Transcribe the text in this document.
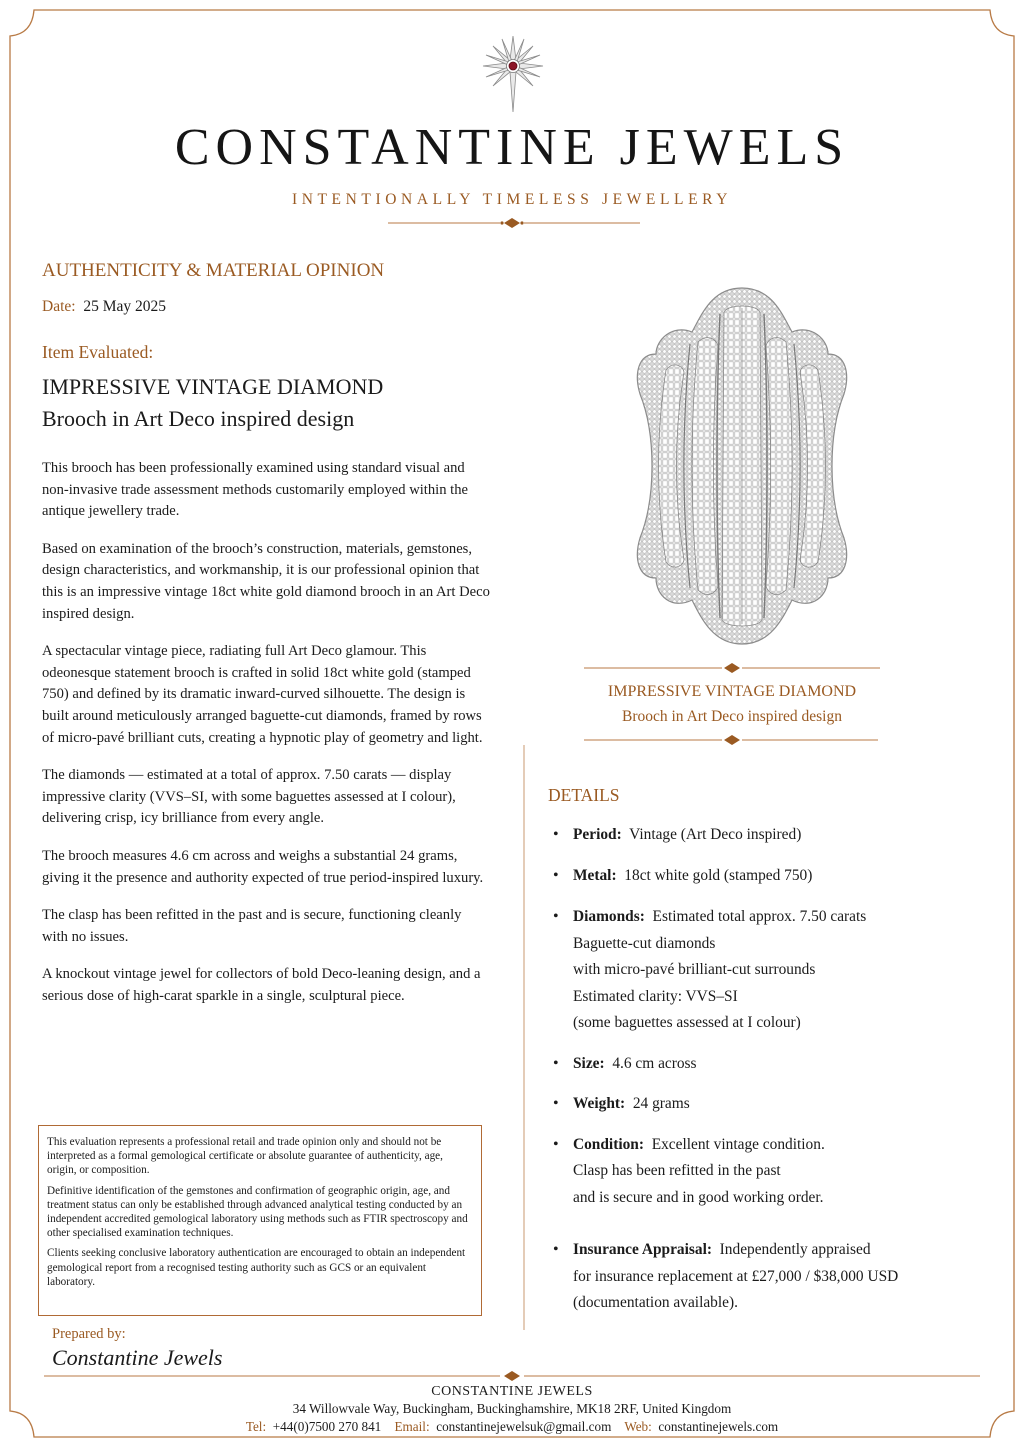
CONSTANTINE JEWELS
INTENTIONALLY TIMELESS JEWELLERY
AUTHENTICITY & MATERIAL OPINION
Date: 25 May 2025
Item Evaluated:
IMPRESSIVE VINTAGE DIAMOND
Brooch in Art Deco inspired design

This brooch has been professionally examined using standard visual and non-invasive trade assessment methods customarily employed within the antique jewellery trade.

Based on examination of the brooch’s construction, materials, gemstones, design characteristics, and workmanship, it is our professional opinion that this is an impressive vintage 18ct white gold diamond brooch in an Art Deco inspired design.

A spectacular vintage piece, radiating full Art Deco glamour. This odeonesque statement brooch is crafted in solid 18ct white gold (stamped 750) and defined by its dramatic inward-curved silhouette. The design is built around meticulously arranged baguette-cut diamonds, framed by rows of micro-pavé brilliant cuts, creating a hypnotic play of geometry and light.

The diamonds — estimated at a total of approx. 7.50 carats — display impressive clarity (VVS–SI, with some baguettes assessed at I colour), delivering crisp, icy brilliance from every angle.

The brooch measures 4.6 cm across and weighs a substantial 24 grams, giving it the presence and authority expected of true period-inspired luxury.

The clasp has been refitted in the past and is secure, functioning cleanly with no issues.

A knockout vintage jewel for collectors of bold Deco-leaning design, and a serious dose of high-carat sparkle in a single, sculptural piece.

This evaluation represents a professional retail and trade opinion only and should not be interpreted as a formal gemological certificate or absolute guarantee of authenticity, age, origin, or composition.

Definitive identification of the gemstones and confirmation of geographic origin, age, and treatment status can only be established through advanced analytical testing conducted by an independent accredited gemological laboratory using methods such as FTIR spectroscopy and other specialised examination techniques.

Clients seeking conclusive laboratory authentication are encouraged to obtain an independent gemological report from a recognised testing authority such as GCS or an equivalent laboratory.

Prepared by:
Constantine Jewels
IMPRESSIVE VINTAGE DIAMOND
Brooch in Art Deco inspired design
DETAILS
• Period: Vintage (Art Deco inspired)
• Metal: 18ct white gold (stamped 750)
• Diamonds: Estimated total approx. 7.50 carats
Baguette-cut diamonds
with micro-pavé brilliant-cut surrounds
Estimated clarity: VVS–SI
(some baguettes assessed at I colour)
• Size: 4.6 cm across
• Weight: 24 grams
• Condition: Excellent vintage condition.
Clasp has been refitted in the past
and is secure and in good working order.
• Insurance Appraisal: Independently appraised
for insurance replacement at £27,000 / $38,000 USD
(documentation available).
CONSTANTINE JEWELS
34 Willowvale Way, Buckingham, Buckinghamshire, MK18 2RF, United Kingdom
Tel: +44(0)7500 270 841 Email: constantinejewelsuk@gmail.com Web: constantinejewels.com
